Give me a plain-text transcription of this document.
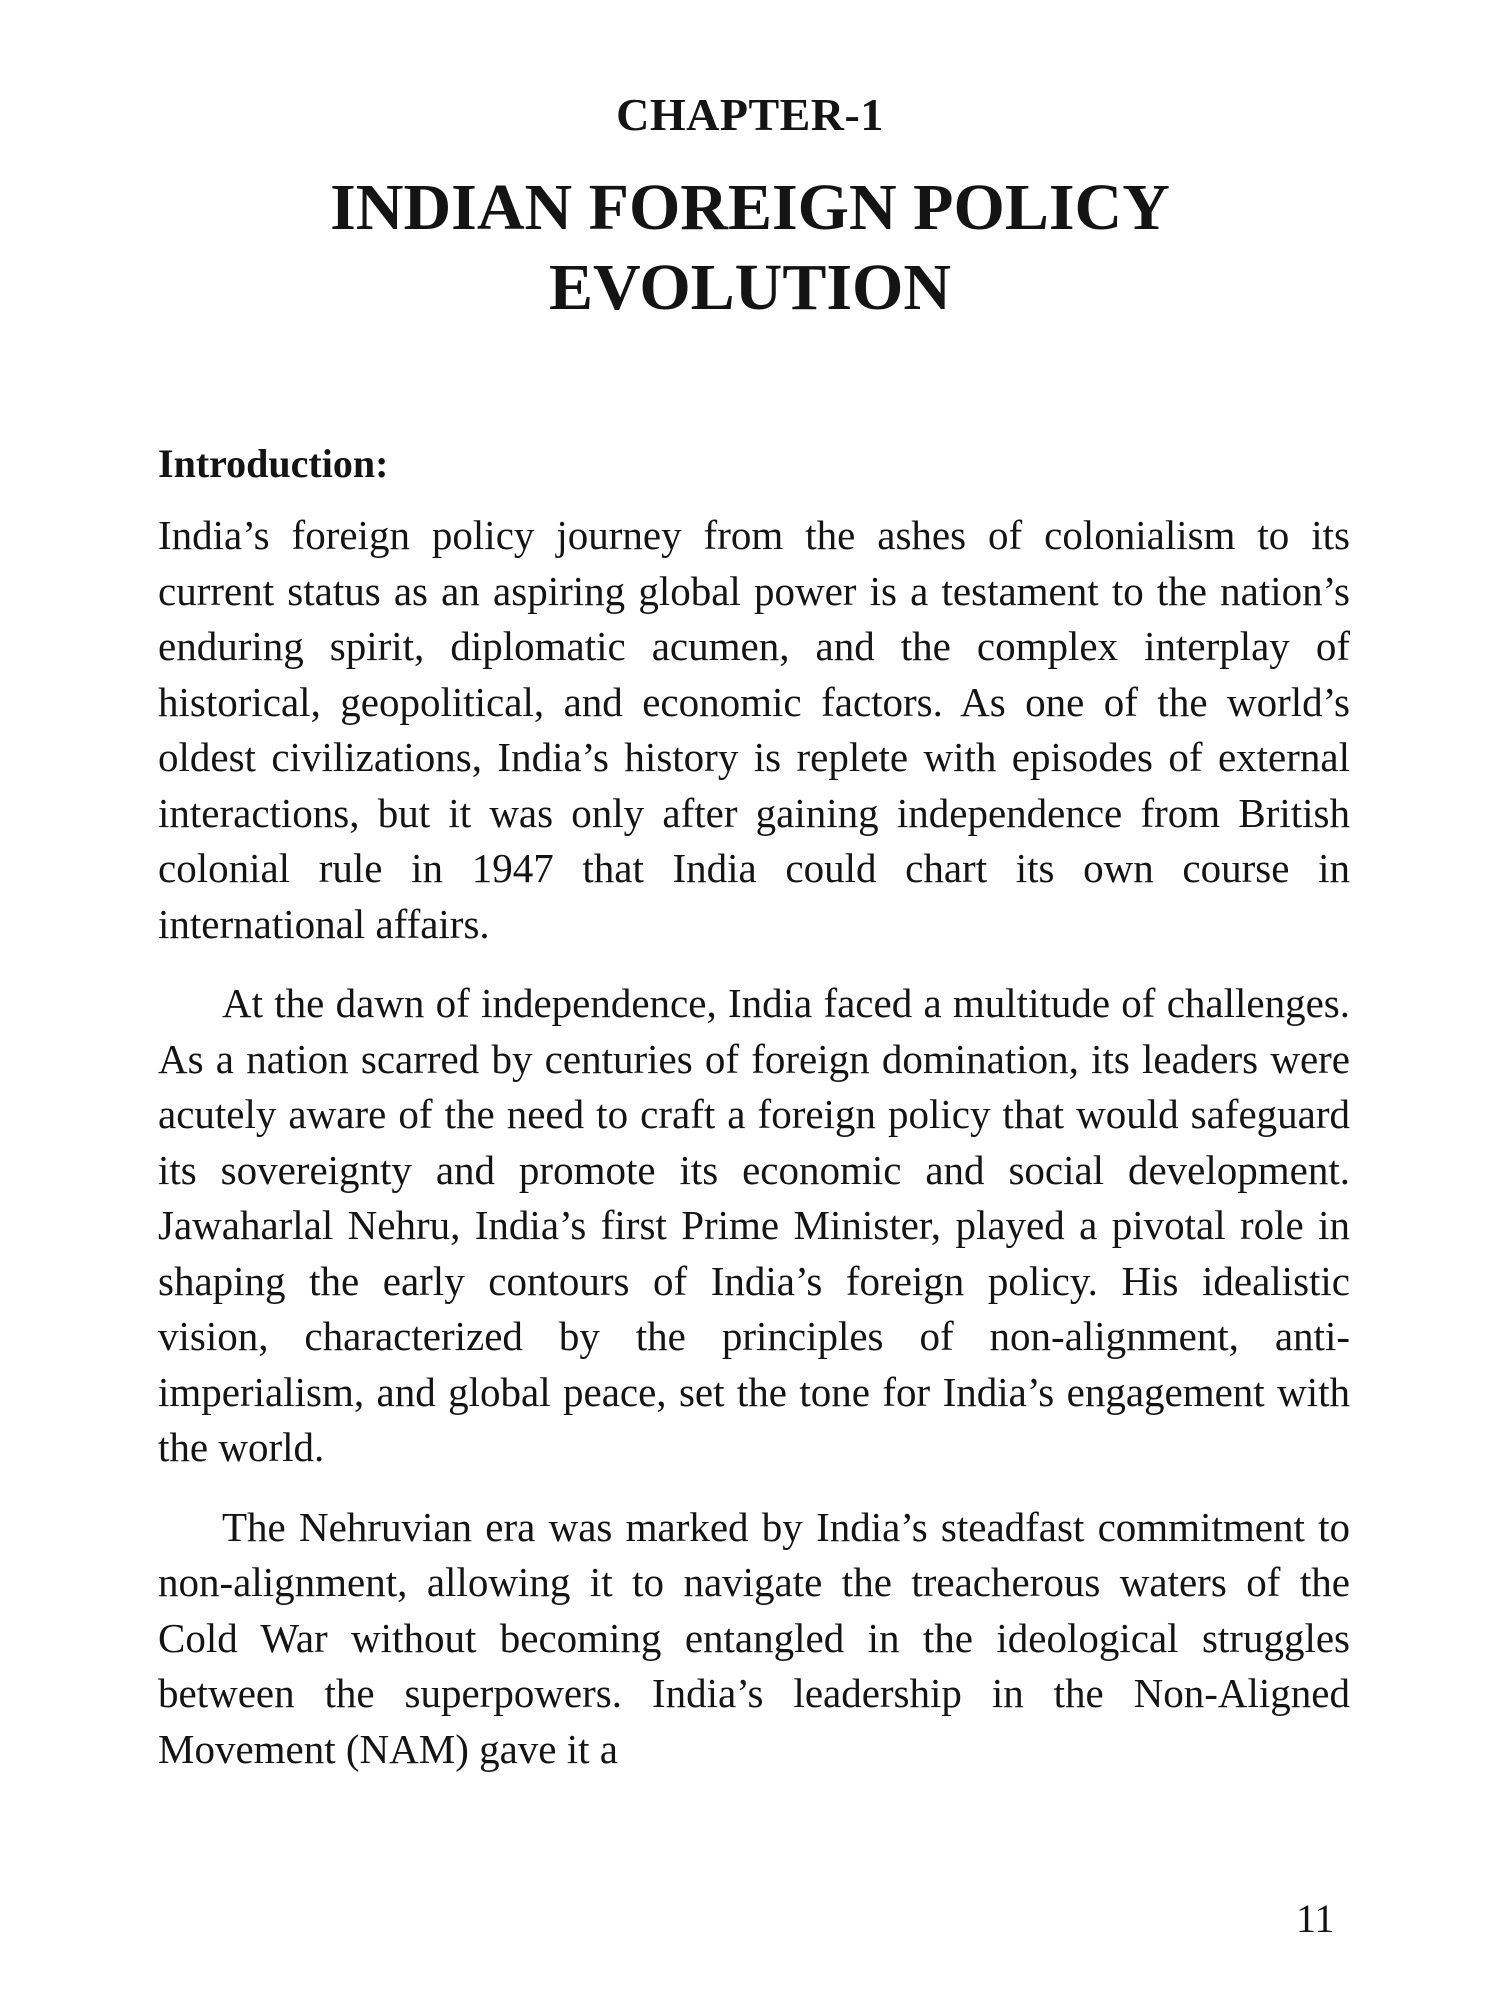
CHAPTER-1
INDIAN FOREIGN POLICY
EVOLUTION
Introduction:

India’s foreign policy journey from the ashes of colonialism to its current status as an aspiring global power is a testament to the nation’s enduring spirit, diplomatic acumen, and the complex interplay of historical, geopolitical, and economic factors. As one of the world’s oldest civilizations, India’s history is replete with episodes of external interactions, but it was only after gaining independence from British colonial rule in 1947 that India could chart its own course in international affairs.

At the dawn of independence, India faced a multitude of challenges. As a nation scarred by centuries of foreign domination, its leaders were acutely aware of the need to craft a foreign policy that would safeguard its sovereignty and promote its economic and social development. Jawaharlal Nehru, India’s first Prime Minister, played a pivotal role in shaping the early contours of India’s foreign policy. His idealistic vision, characterized by the principles of non-alignment, anti-imperialism, and global peace, set the tone for India’s engagement with the world.

The Nehruvian era was marked by India’s steadfast commitment to non-alignment, allowing it to navigate the treacherous waters of the Cold War without becoming entangled in the ideological struggles between the superpowers. India’s leadership in the Non-Aligned Movement (NAM) gave it a

11
